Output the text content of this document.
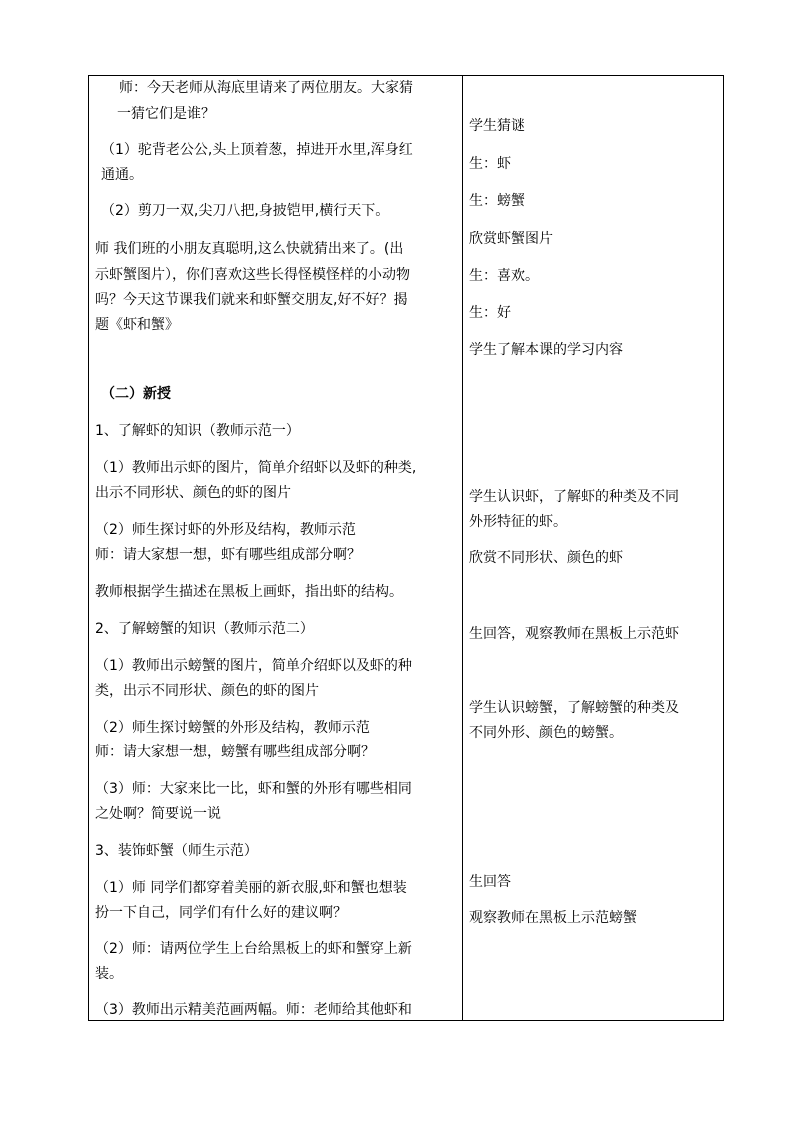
师：今天老师从海底里请来了两位朋友。大家猜
一猜它们是谁？
（1）驼背老公公,头上顶着葱，掉进开水里,浑身红
通通。
（2）剪刀一双,尖刀八把,身披铠甲,横行天下。
师 我们班的小朋友真聪明,这么快就猜出来了。(出
示虾蟹图片），你们喜欢这些长得怪模怪样的小动物
吗？今天这节课我们就来和虾蟹交朋友,好不好？揭
题《虾和蟹》
（二）新授
1、了解虾的知识（教师示范一）
（1）教师出示虾的图片，简单介绍虾以及虾的种类,
出示不同形状、颜色的虾的图片
（2）师生探讨虾的外形及结构，教师示范
师：请大家想一想，虾有哪些组成部分啊？
教师根据学生描述在黑板上画虾，指出虾的结构。
2、了解螃蟹的知识（教师示范二）
（1）教师出示螃蟹的图片，简单介绍虾以及虾的种
类，出示不同形状、颜色的虾的图片
（2）师生探讨螃蟹的外形及结构，教师示范
师：请大家想一想，螃蟹有哪些组成部分啊？
（3）师：大家来比一比，虾和蟹的外形有哪些相同
之处啊？简要说一说
3、装饰虾蟹（师生示范）
（1）师 同学们都穿着美丽的新衣服,虾和蟹也想装
扮一下自己，同学们有什么好的建议啊？
（2）师：请两位学生上台给黑板上的虾和蟹穿上新
装。
（3）教师出示精美范画两幅。师：老师给其他虾和
学生猜谜
生：虾
生：螃蟹
欣赏虾蟹图片
生：喜欢。
生：好
学生了解本课的学习内容
学生认识虾，了解虾的种类及不同
外形特征的虾。
欣赏不同形状、颜色的虾
生回答，观察教师在黑板上示范虾
学生认识螃蟹，了解螃蟹的种类及
不同外形、颜色的螃蟹。
生回答
观察教师在黑板上示范螃蟹
